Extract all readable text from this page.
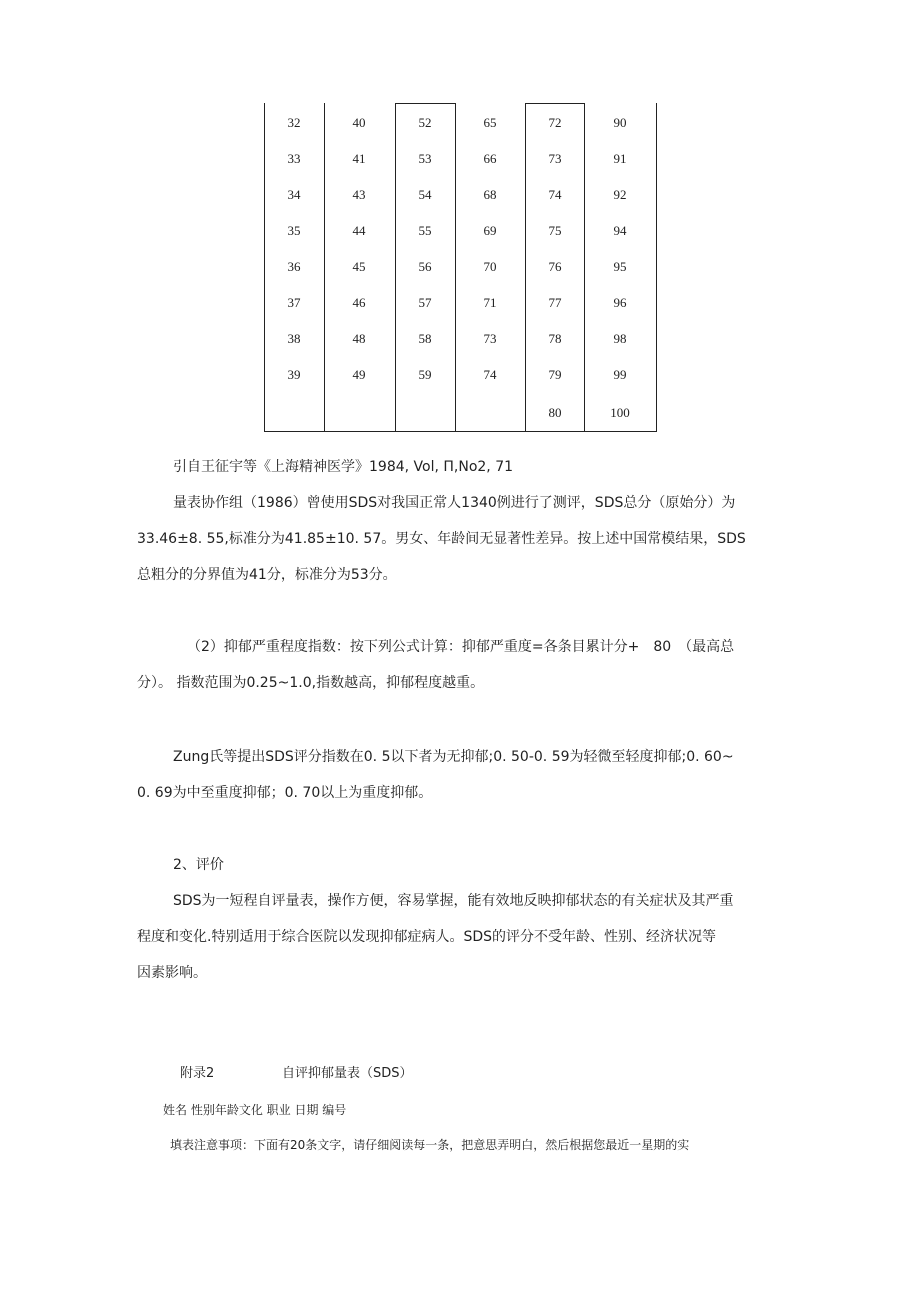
32
33
34
35
36
37
38
39
40
41
43
44
45
46
48
49
52
53
54
55
56
57
58
59
65
66
68
69
70
71
73
74
72
73
74
75
76
77
78
79
80
90
91
92
94
95
96
98
99
100

引自王征宇等《上海精神医学》1984, Vol, Π,No2, 71

量表协作组（1986）曾使用SDS对我国正常人1340例进行了测评，SDS总分（原始分）为

33.46±8. 55,标准分为41.85±10. 57。男女、年龄间无显著性差异。按上述中国常模结果，SDS

总粗分的分界值为41分，标准分为53分。

（2）抑郁严重程度指数：按下列公式计算：抑郁严重度=各条目累计分+　80　（最高总

分）。 指数范围为0.25~1.0,指数越高，抑郁程度越重。

Zung氏等提出SDS评分指数在0. 5以下者为无抑郁;0. 50-0. 59为轻微至轻度抑郁;0. 60~

0. 69为中至重度抑郁；0. 70以上为重度抑郁。

2、评价

SDS为一短程自评量表，操作方便，容易掌握，能有效地反映抑郁状态的有关症状及其严重

程度和变化.特别适用于综合医院以发现抑郁症病人。SDS的评分不受年龄、性别、经济状况等

因素影响。

附录2	自评抑郁量表（SDS）

姓名 性别年龄文化 职业 日期 编号

填表注意事项：下面有20条文字，请仔细阅读每一条，把意思弄明白，然后根据您最近一星期的实
